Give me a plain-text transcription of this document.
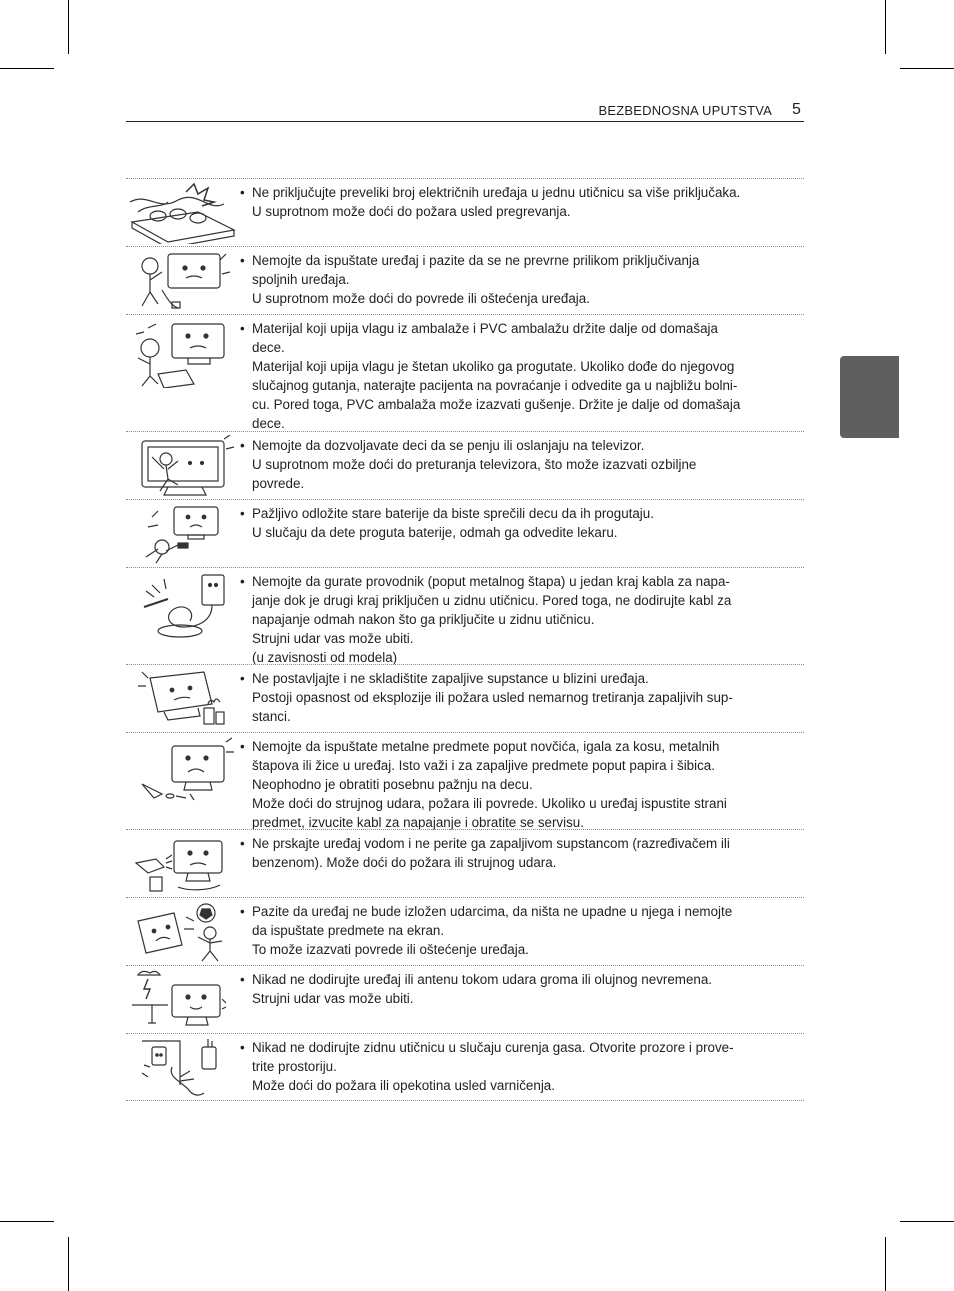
BEZBEDNOSNA UPUTSTVA 5
• Ne priključujte preveliki broj električnih uređaja u jednu utičnicu sa više priključaka.
U suprotnom može doći do požara usled pregrevanja.
• Nemojte da ispuštate uređaj i pazite da se ne prevrne prilikom priključivanja
spoljnih uređaja.
U suprotnom može doći do povrede ili oštećenja uređaja.
• Materijal koji upija vlagu iz ambalaže i PVC ambalažu držite dalje od domašaja
dece.
Materijal koji upija vlagu je štetan ukoliko ga progutate. Ukoliko dođe do njegovog
slučajnog gutanja, naterajte pacijenta na povraćanje i odvedite ga u najbližu bolni-
cu. Pored toga, PVC ambalaža može izazvati gušenje. Držite je dalje od domašaja
dece.
• Nemojte da dozvoljavate deci da se penju ili oslanjaju na televizor.
U suprotnom može doći do preturanja televizora, što može izazvati ozbiljne
povrede.
• Pažljivo odložite stare baterije da biste sprečili decu da ih progutaju.
U slučaju da dete proguta baterije, odmah ga odvedite lekaru.
• Nemojte da gurate provodnik (poput metalnog štapa) u jedan kraj kabla za napa-
janje dok je drugi kraj priključen u zidnu utičnicu. Pored toga, ne dodirujte kabl za
napajanje odmah nakon što ga priključite u zidnu utičnicu.
Strujni udar vas može ubiti.
(u zavisnosti od modela)
• Ne postavljajte i ne skladištite zapaljive supstance u blizini uređaja.
Postoji opasnost od eksplozije ili požara usled nemarnog tretiranja zapaljivih sup-
stanci.
• Nemojte da ispuštate metalne predmete poput novčića, igala za kosu, metalnih
štapova ili žice u uređaj. Isto važi i za zapaljive predmete poput papira i šibica.
Neophodno je obratiti posebnu pažnju na decu.
Može doći do strujnog udara, požara ili povrede. Ukoliko u uređaj ispustite strani
predmet, izvucite kabl za napajanje i obratite se servisu.
• Ne prskajte uređaj vodom i ne perite ga zapaljivom supstancom (razređivačem ili
benzenom). Može doći do požara ili strujnog udara.
• Pazite da uređaj ne bude izložen udarcima, da ništa ne upadne u njega i nemojte
da ispuštate predmete na ekran.
To može izazvati povrede ili oštećenje uređaja.
• Nikad ne dodirujte uređaj ili antenu tokom udara groma ili olujnog nevremena.
Strujni udar vas može ubiti.
• Nikad ne dodirujte zidnu utičnicu u slučaju curenja gasa. Otvorite prozore i prove-
trite prostoriju.
Može doći do požara ili opekotina usled varničenja.
